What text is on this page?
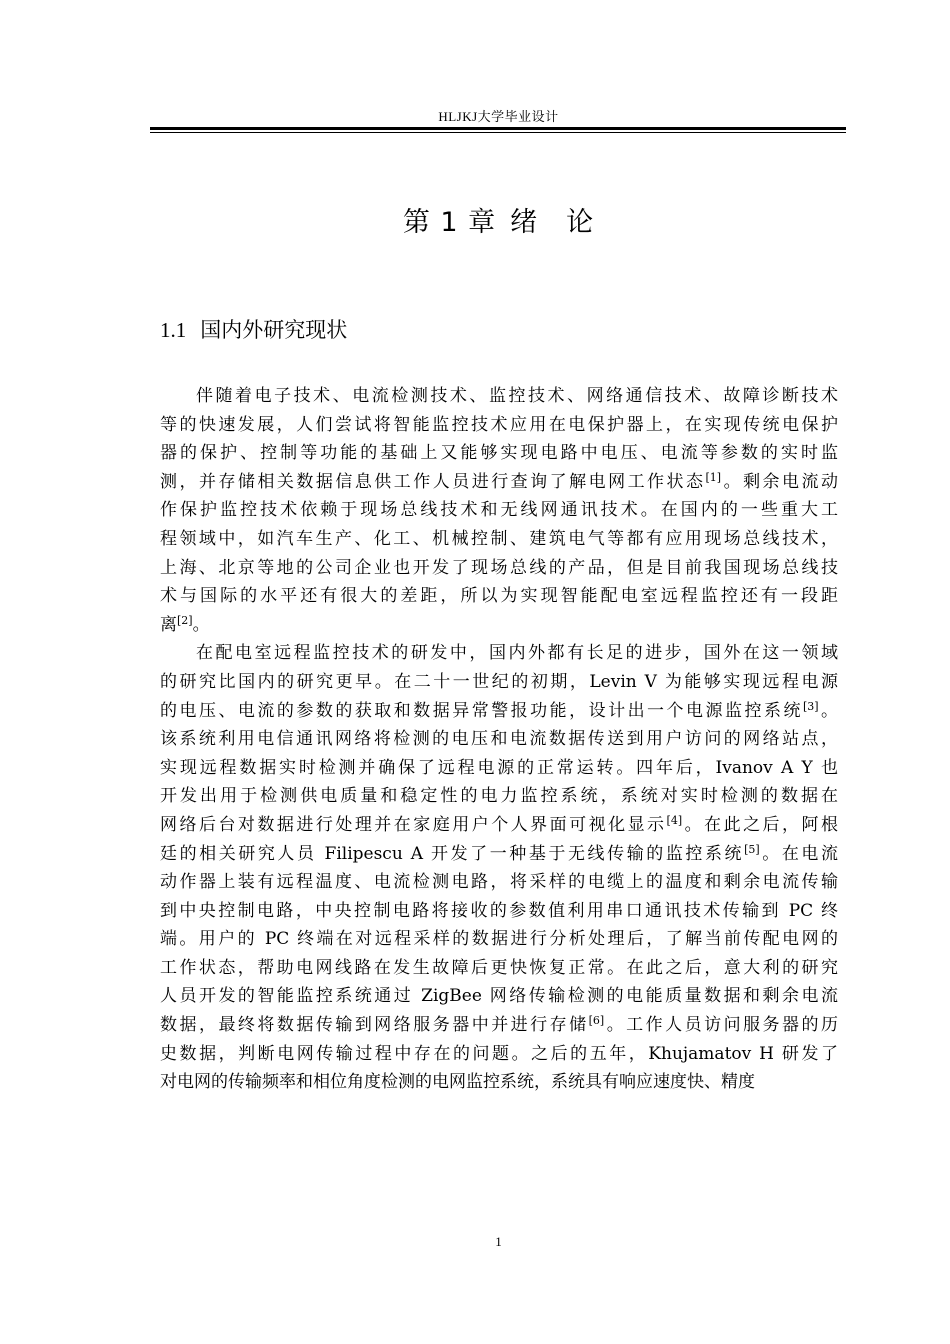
HLJKJ大学毕业设计
第 1 章 绪 论
1.1 国内外研究现状
伴随着电子技术、电流检测技术、监控技术、网络通信技术、故障诊断技术
等的快速发展，人们尝试将智能监控技术应用在电保护器上，在实现传统电保护
器的保护、控制等功能的基础上又能够实现电路中电压、电流等参数的实时监
测，并存储相关数据信息供工作人员进行查询了解电网工作状态[1]。剩余电流动
作保护监控技术依赖于现场总线技术和无线网通讯技术。在国内的一些重大工
程领域中，如汽车生产、化工、机械控制、建筑电气等都有应用现场总线技术，
上海、北京等地的公司企业也开发了现场总线的产品，但是目前我国现场总线技
术与国际的水平还有很大的差距，所以为实现智能配电室远程监控还有一段距
离[2]。
在配电室远程监控技术的研发中，国内外都有长足的进步，国外在这一领域
的研究比国内的研究更早。在二十一世纪的初期，Levin V 为能够实现远程电源
的电压、电流的参数的获取和数据异常警报功能，设计出一个电源监控系统[3]。
该系统利用电信通讯网络将检测的电压和电流数据传送到用户访问的网络站点，
实现远程数据实时检测并确保了远程电源的正常运转。四年后，Ivanov A Y 也
开发出用于检测供电质量和稳定性的电力监控系统，系统对实时检测的数据在
网络后台对数据进行处理并在家庭用户个人界面可视化显示[4]。在此之后，阿根
廷的相关研究人员 Filipescu A 开发了一种基于无线传输的监控系统[5]。在电流
动作器上装有远程温度、电流检测电路，将采样的电缆上的温度和剩余电流传输
到中央控制电路，中央控制电路将接收的参数值利用串口通讯技术传输到 PC 终
端。用户的 PC 终端在对远程采样的数据进行分析处理后，了解当前传配电网的
工作状态，帮助电网线路在发生故障后更快恢复正常。在此之后，意大利的研究
人员开发的智能监控系统通过 ZigBee 网络传输检测的电能质量数据和剩余电流
数据，最终将数据传输到网络服务器中并进行存储[6]。工作人员访问服务器的历
史数据，判断电网传输过程中存在的问题。之后的五年，Khujamatov H 研发了
对电网的传输频率和相位角度检测的电网监控系统，系统具有响应速度快、精度
1
